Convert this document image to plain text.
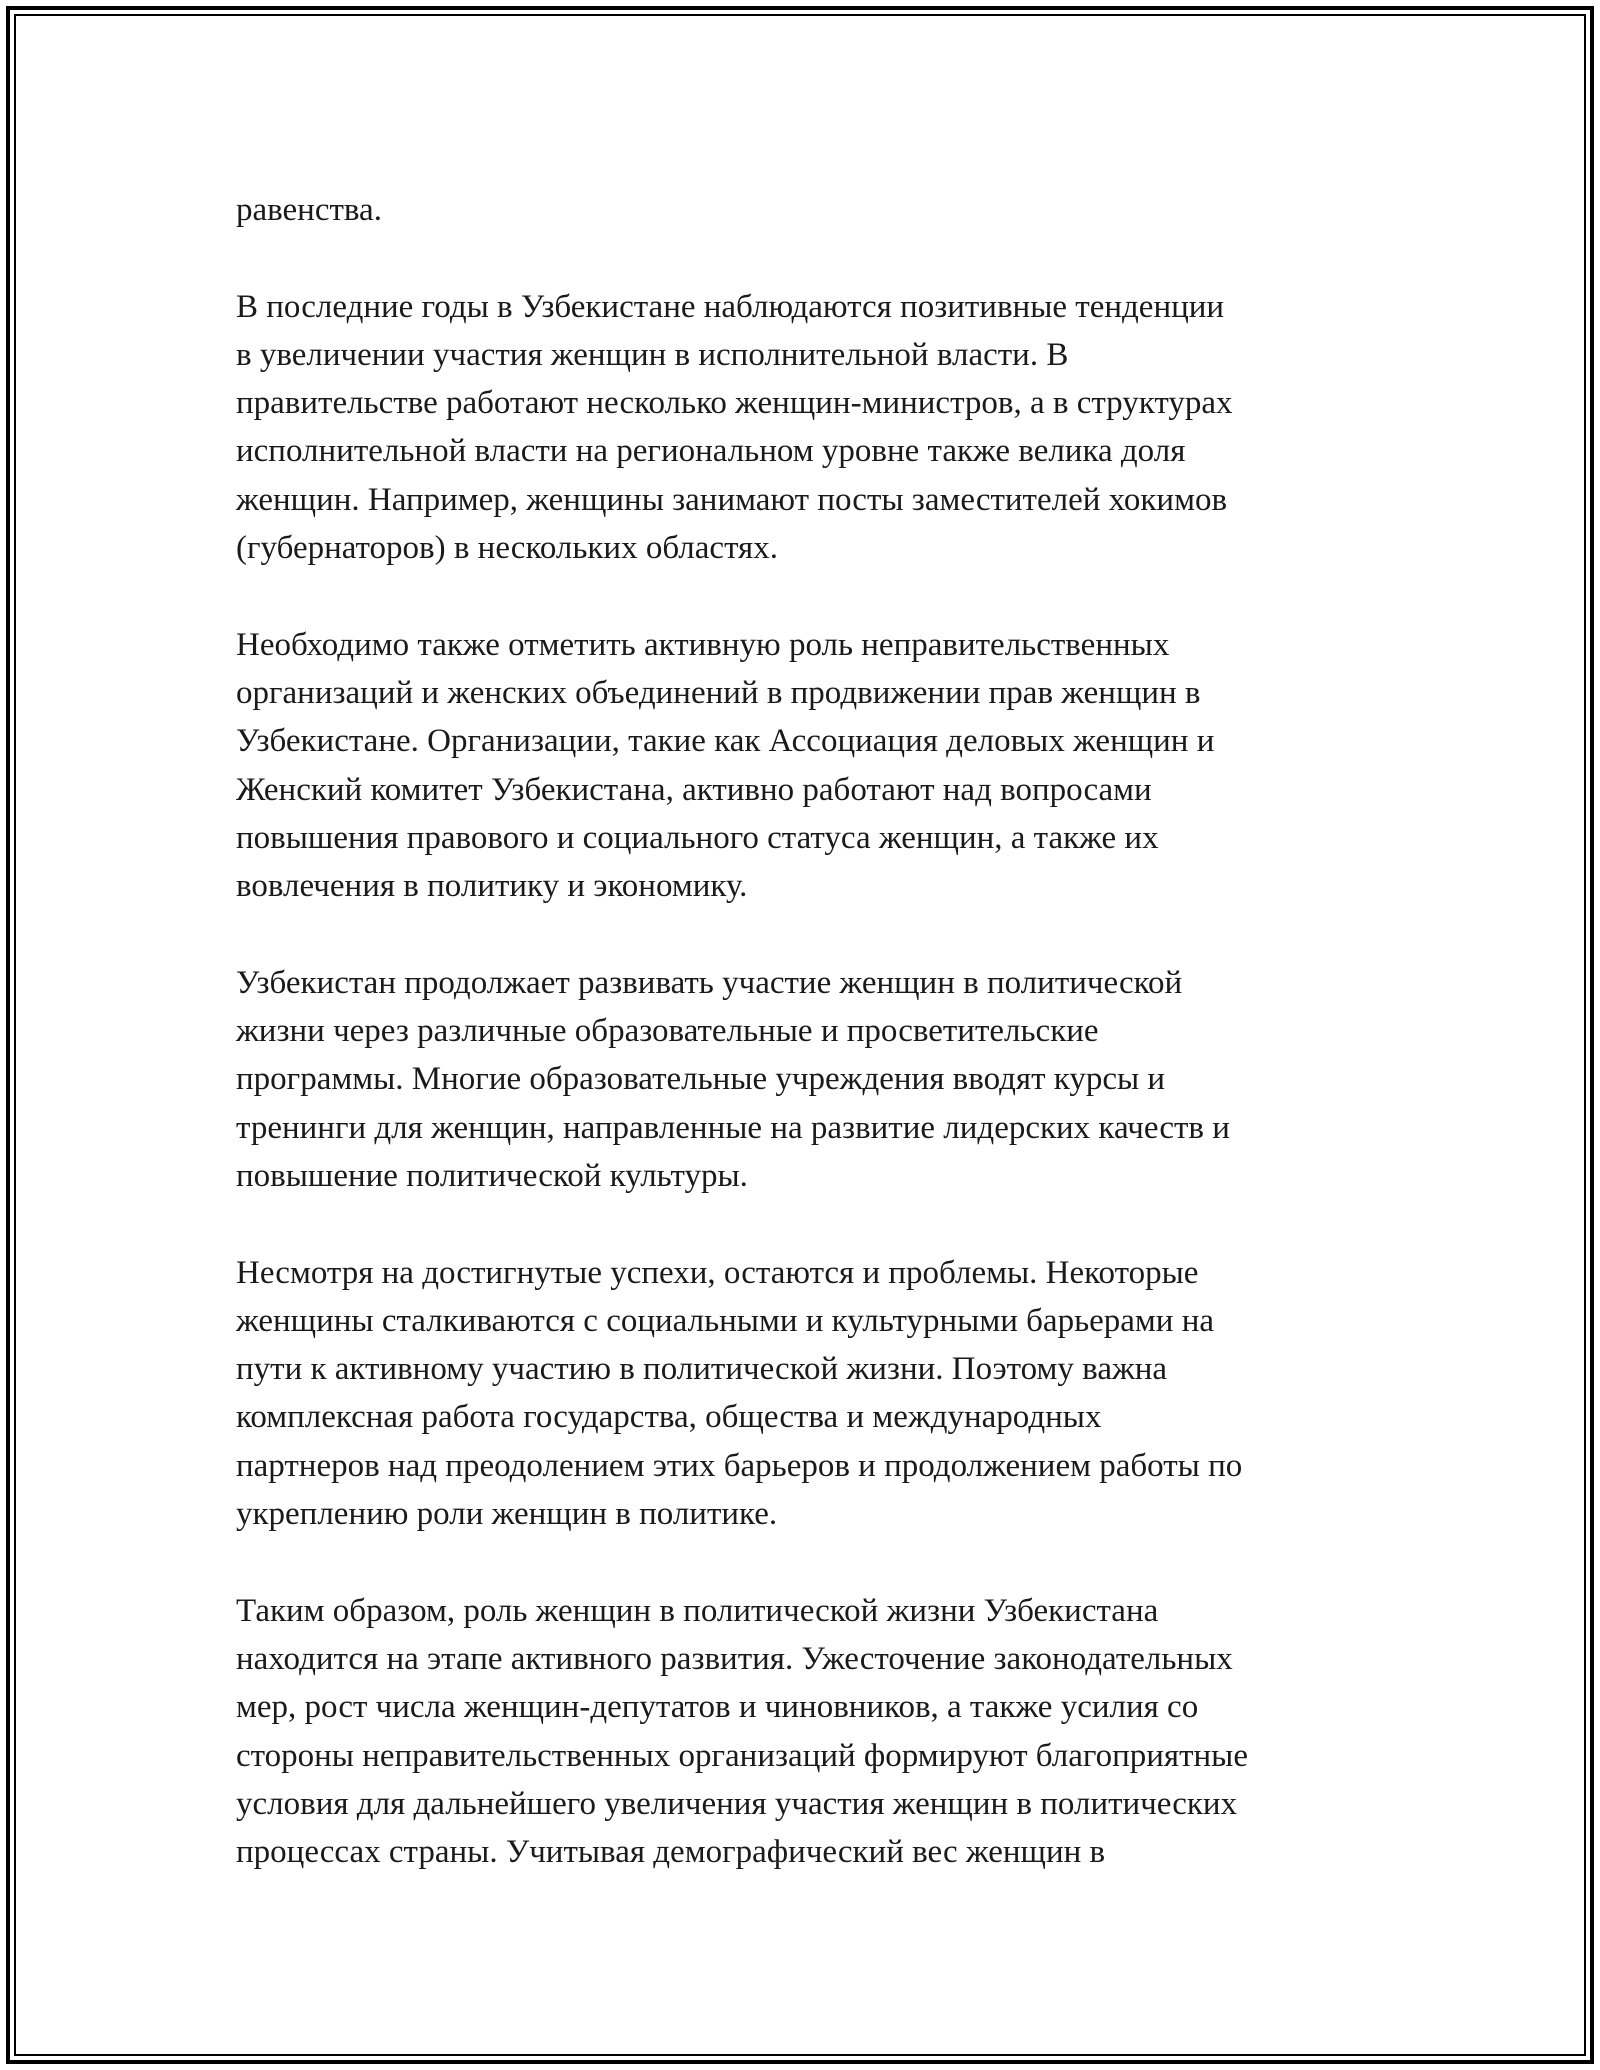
равенства.

В последние годы в Узбекистане наблюдаются позитивные тенденции
в увеличении участия женщин в исполнительной власти. В
правительстве работают несколько женщин-министров, а в структурах
исполнительной власти на региональном уровне также велика доля
женщин. Например, женщины занимают посты заместителей хокимов
(губернаторов) в нескольких областях.

Необходимо также отметить активную роль неправительственных
организаций и женских объединений в продвижении прав женщин в
Узбекистане. Организации, такие как Ассоциация деловых женщин и
Женский комитет Узбекистана, активно работают над вопросами
повышения правового и социального статуса женщин, а также их
вовлечения в политику и экономику.

Узбекистан продолжает развивать участие женщин в политической
жизни через различные образовательные и просветительские
программы. Многие образовательные учреждения вводят курсы и
тренинги для женщин, направленные на развитие лидерских качеств и
повышение политической культуры.

Несмотря на достигнутые успехи, остаются и проблемы. Некоторые
женщины сталкиваются с социальными и культурными барьерами на
пути к активному участию в политической жизни. Поэтому важна
комплексная работа государства, общества и международных
партнеров над преодолением этих барьеров и продолжением работы по
укреплению роли женщин в политике.

Таким образом, роль женщин в политической жизни Узбекистана
находится на этапе активного развития. Ужесточение законодательных
мер, рост числа женщин-депутатов и чиновников, а также усилия со
стороны неправительственных организаций формируют благоприятные
условия для дальнейшего увеличения участия женщин в политических
процессах страны. Учитывая демографический вес женщин в
